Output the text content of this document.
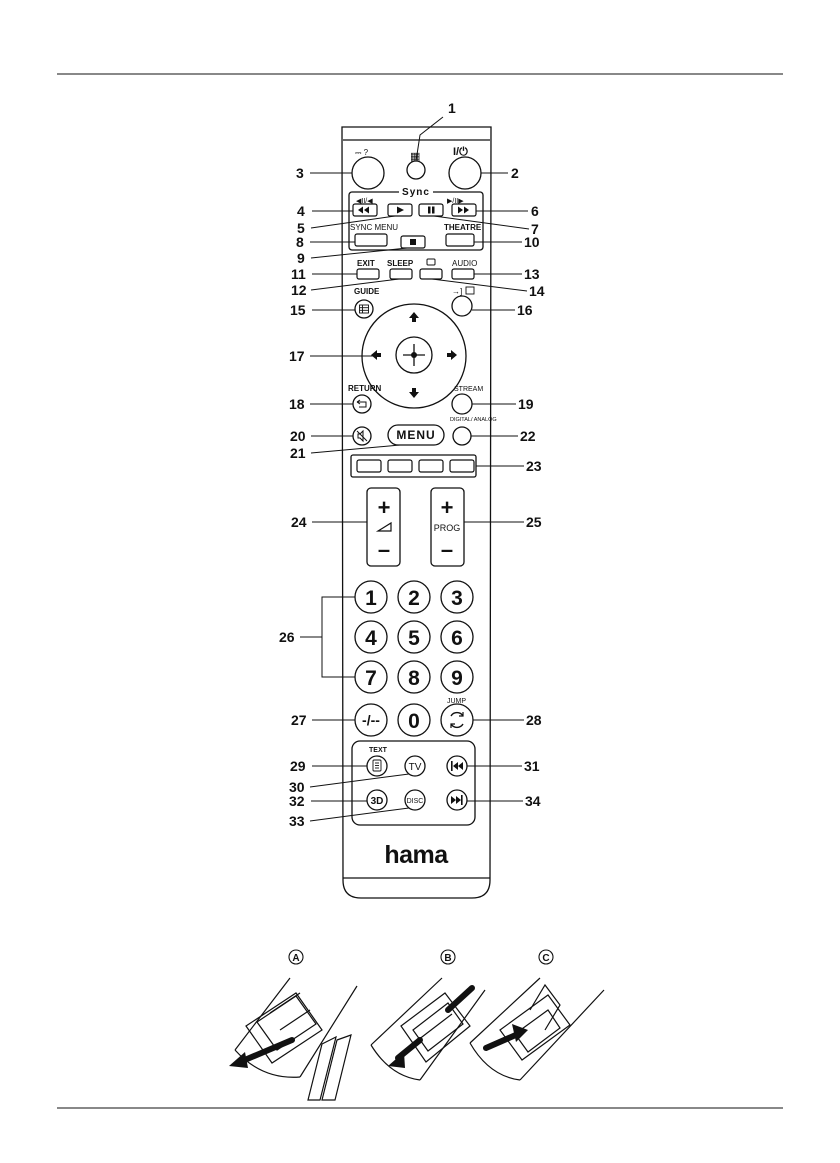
⎓ ?	▦	I/⏻
Sync
◀II/◀	▶/II▶
SYNC MENU	THEATRE
EXIT SLEEP	AUDIO
GUIDE	→]
RETURN	STREAM
MENU
DIGITAL/ ANALOG
+
–
+
PROG
–
1 2 3
4 5 6
7 8 9
-/-- 0
JUMP
TEXT
TV
3D	DISC
hama
1
2
3
4
5
6
7
8
9
10
11
12
13
14
15	16
17
18	19
20
21
22
23
24	25
26
27	28
29
30
31
32
33
34
A	B	C
